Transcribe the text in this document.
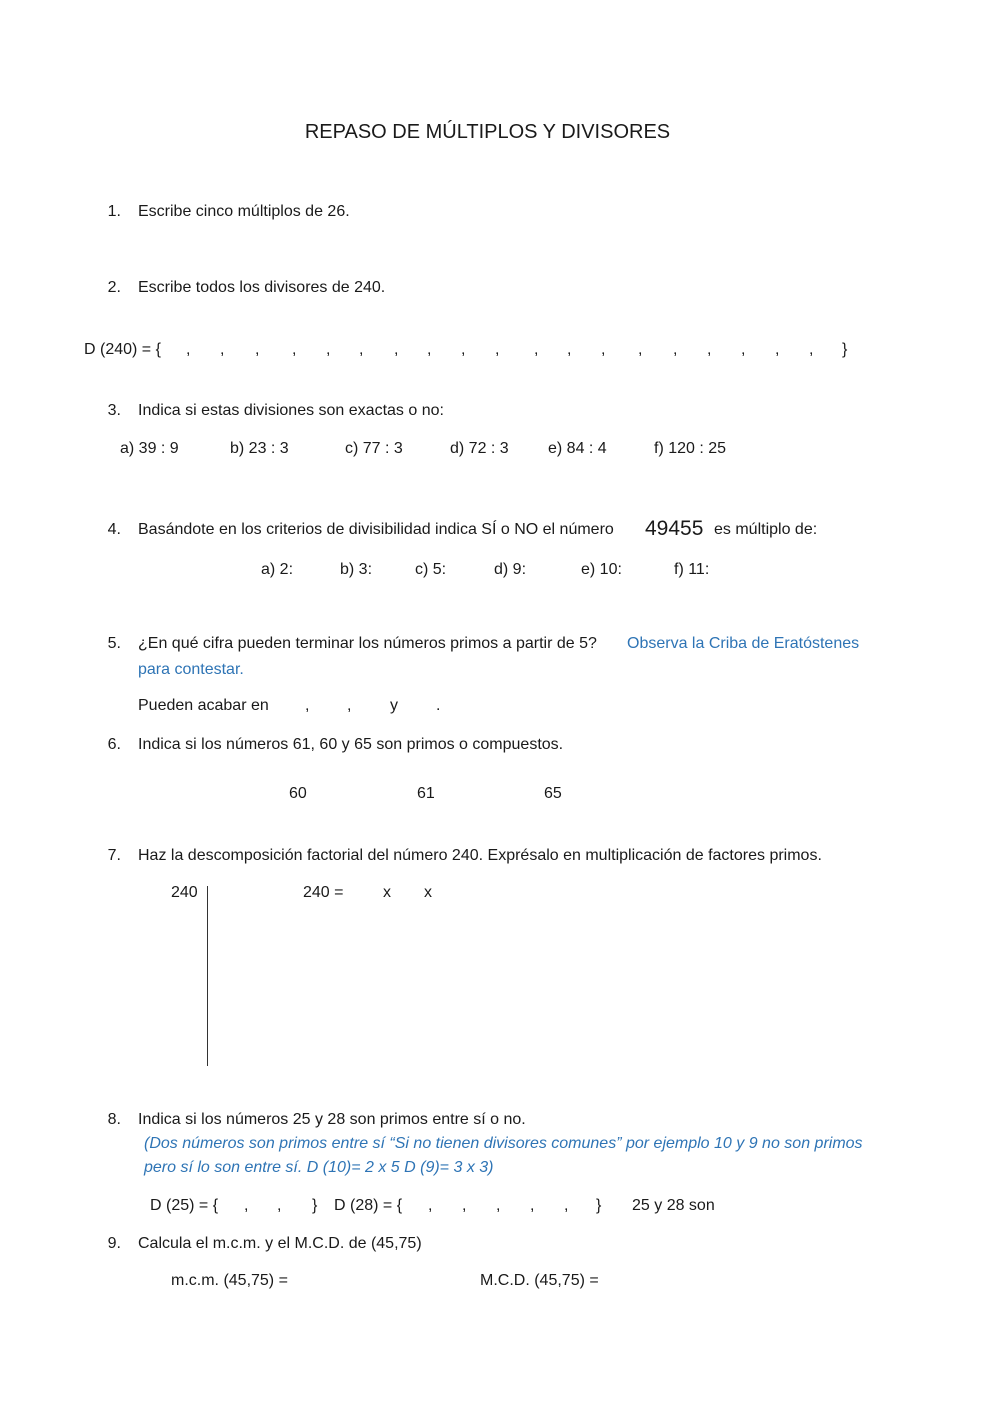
REPASO DE MÚLTIPLOS Y DIVISORES
1. Escribe cinco múltiplos de 26.
2. Escribe todos los divisores de 240.
D (240) = { , , , , , , , , , , , , , , , , , , , }
3. Indica si estas divisiones son exactas o no:
a) 39 : 9	b) 23 : 3	c) 77 : 3	d) 72 : 3 e) 84 : 4	f) 120 : 25
4. Basándote en los criterios de divisibilidad indica SÍ o NO el número 49455 es múltiplo de:
a) 2:	b) 3:	c) 5:	d) 9:	e) 10:	f) 11:
5. ¿En qué cifra pueden terminar los números primos a partir de 5? Observa la Criba de Eratóstenes
para contestar.
Pueden acabar en , , y .
6. Indica si los números 61, 60 y 65 son primos o compuestos.
60	61	65
7. Haz la descomposición factorial del número 240. Exprésalo en multiplicación de factores primos.
240	240 = x x
8. Indica si los números 25 y 28 son primos entre sí o no.
(Dos números son primos entre sí “Si no tienen divisores comunes” por ejemplo 10 y 9 no son primos
pero sí lo son entre sí. D (10)= 2 x 5 D (9)= 3 x 3)
D (25) = { , , } D (28) = { , , , , , } 25 y 28 son
9. Calcula el m.c.m. y el M.C.D. de (45,75)
m.c.m. (45,75) =	M.C.D. (45,75) =
